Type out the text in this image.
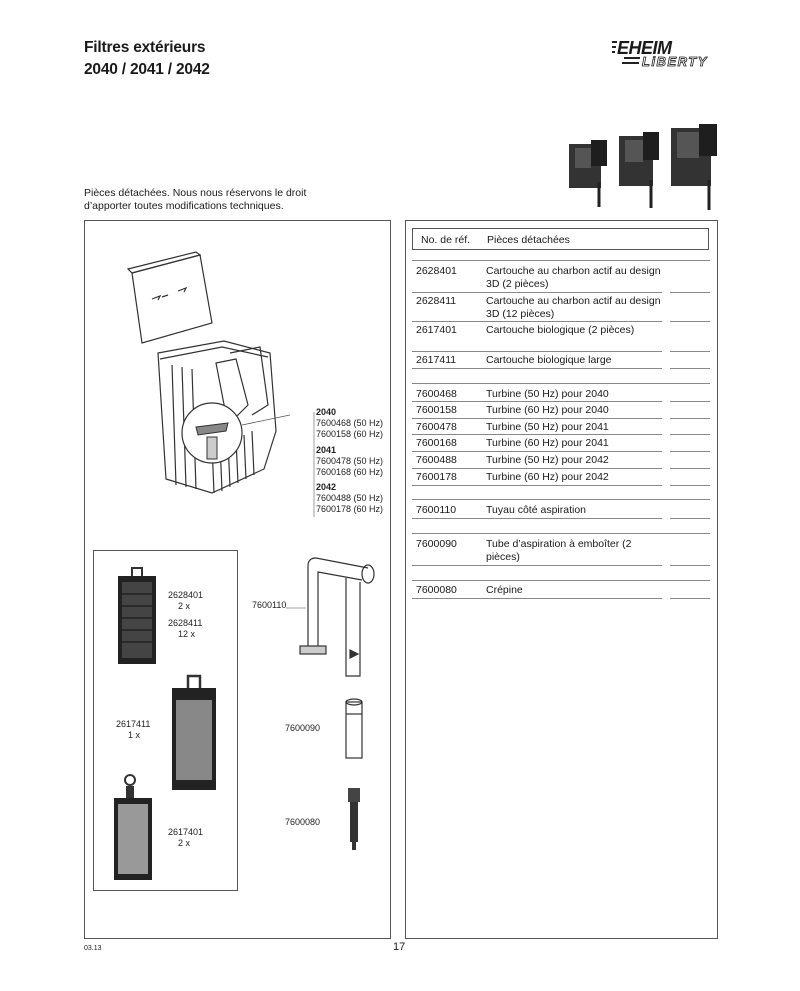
Filtres extérieurs
2040 / 2041 / 2042
EHEIM
LiBERTY
Pièces détachées. Nous nous réservons le droit
d’apporter toutes modifications techniques.
2040
7600468 (50 Hz)
7600158 (60 Hz)
2041
7600478 (50 Hz)
7600168 (60 Hz)
2042
7600488 (50 Hz)
7600178 (60 Hz)
2628401
2 x
2628411
12 x
2617411
1 x
2617401
2 x
7600110
7600090
7600080
No. de réf. Pièces détachées
2628401	Cartouche au charbon actif au design 3D (2 pièces)
2628411	Cartouche au charbon actif au design 3D (12 pièces)
2617401	Cartouche biologique (2 pièces)
2617411	Cartouche biologique large
7600468	Turbine (50 Hz) pour 2040
7600158	Turbine (60 Hz) pour 2040
7600478	Turbine (50 Hz) pour 2041
7600168	Turbine (60 Hz) pour 2041
7600488	Turbine (50 Hz) pour 2042
7600178	Turbine (60 Hz) pour 2042
7600110	Tuyau côté aspiration
7600090	Tube d’aspiration à emboîter (2 pièces)
7600080	Crépine
03.13	17
